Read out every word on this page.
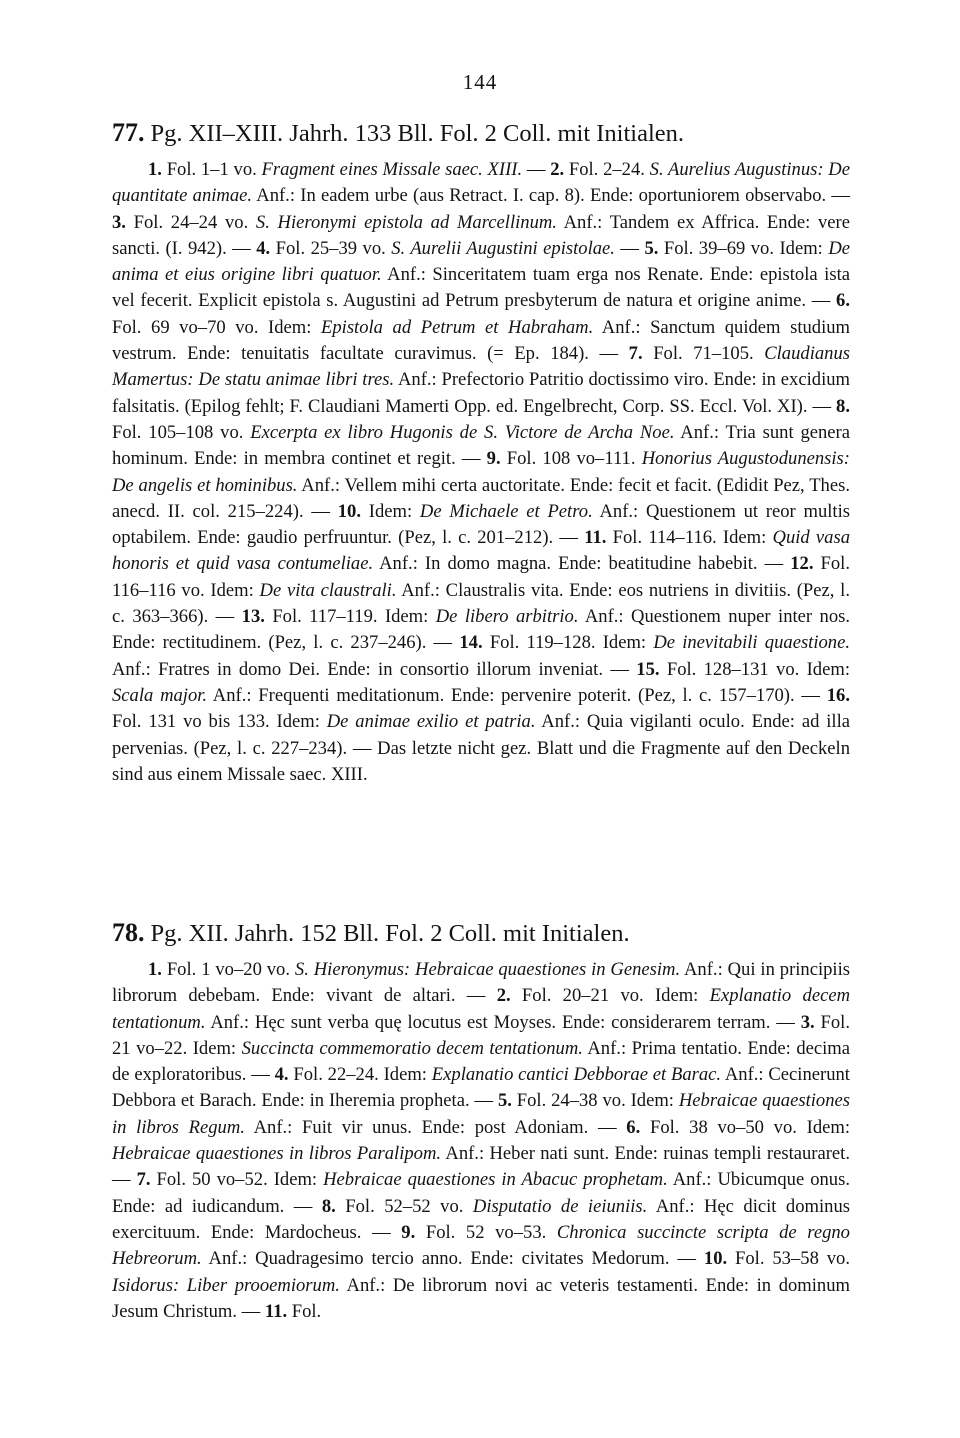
144
77. Pg. XII–XIII. Jahrh. 133 Bll. Fol. 2 Coll. mit Initialen.

1. Fol. 1–1 vo. Fragment eines Missale saec. XIII. — 2. Fol. 2–24. S. Aurelius Augustinus: De quantitate animae. Anf.: In eadem urbe (aus Retract. I. cap. 8). Ende: oportuniorem observabo. — 3. Fol. 24–24 vo. S. Hieronymi epistola ad Marcellinum. Anf.: Tandem ex Affrica. Ende: vere sancti. (I. 942). — 4. Fol. 25–39 vo. S. Aurelii Augustini epistolae. — 5. Fol. 39–69 vo. Idem: De anima et eius origine libri quatuor. Anf.: Sinceritatem tuam erga nos Renate. Ende: epistola ista vel fecerit. Explicit epistola s. Augustini ad Petrum presbyterum de natura et origine anime. — 6. Fol. 69 vo–70 vo. Idem: Epistola ad Petrum et Habraham. Anf.: Sanctum quidem studium vestrum. Ende: tenuitatis facultate curavimus. (= Ep. 184). — 7. Fol. 71–105. Claudianus Mamertus: De statu animae libri tres. Anf.: Prefectorio Patritio doctissimo viro. Ende: in excidium falsitatis. (Epilog fehlt; F. Claudiani Mamerti Opp. ed. Engelbrecht, Corp. SS. Eccl. Vol. XI). — 8. Fol. 105–108 vo. Excerpta ex libro Hugonis de S. Victore de Archa Noe. Anf.: Tria sunt genera hominum. Ende: in membra continet et regit. — 9. Fol. 108 vo–111. Honorius Augustodunensis: De angelis et hominibus. Anf.: Vellem mihi certa auctoritate. Ende: fecit et facit. (Edidit Pez, Thes. anecd. II. col. 215–224). — 10. Idem: De Michaele et Petro. Anf.: Questionem ut reor multis optabilem. Ende: gaudio perfruuntur. (Pez, l. c. 201–212). — 11. Fol. 114–116. Idem: Quid vasa honoris et quid vasa contumeliae. Anf.: In domo magna. Ende: beatitudine habebit. — 12. Fol. 116–116 vo. Idem: De vita claustrali. Anf.: Claustralis vita. Ende: eos nutriens in divitiis. (Pez, l. c. 363–366). — 13. Fol. 117–119. Idem: De libero arbitrio. Anf.: Questionem nuper inter nos. Ende: rectitudinem. (Pez, l. c. 237–246). — 14. Fol. 119–128. Idem: De inevitabili quaestione. Anf.: Fratres in domo Dei. Ende: in consortio illorum inveniat. — 15. Fol. 128–131 vo. Idem: Scala major. Anf.: Frequenti meditationum. Ende: pervenire poterit. (Pez, l. c. 157–170). — 16. Fol. 131 vo bis 133. Idem: De animae exilio et patria. Anf.: Quia vigilanti oculo. Ende: ad illa pervenias. (Pez, l. c. 227–234). — Das letzte nicht gez. Blatt und die Fragmente auf den Deckeln sind aus einem Missale saec. XIII.

78. Pg. XII. Jahrh. 152 Bll. Fol. 2 Coll. mit Initialen.

1. Fol. 1 vo–20 vo. S. Hieronymus: Hebraicae quaestiones in Genesim. Anf.: Qui in principiis librorum debebam. Ende: vivant de altari. — 2. Fol. 20–21 vo. Idem: Explanatio decem tentationum. Anf.: Hęc sunt verba quę locutus est Moyses. Ende: considerarem terram. — 3. Fol. 21 vo–22. Idem: Succincta commemoratio decem tentationum. Anf.: Prima tentatio. Ende: decima de exploratoribus. — 4. Fol. 22–24. Idem: Explanatio cantici Debborae et Barac. Anf.: Cecinerunt Debbora et Barach. Ende: in Iheremia propheta. — 5. Fol. 24–38 vo. Idem: Hebraicae quaestiones in libros Regum. Anf.: Fuit vir unus. Ende: post Adoniam. — 6. Fol. 38 vo–50 vo. Idem: Hebraicae quaestiones in libros Paralipom. Anf.: Heber nati sunt. Ende: ruinas templi restauraret. — 7. Fol. 50 vo–52. Idem: Hebraicae quaestiones in Abacuc prophetam. Anf.: Ubicumque onus. Ende: ad iudicandum. — 8. Fol. 52–52 vo. Disputatio de ieiuniis. Anf.: Hęc dicit dominus exercituum. Ende: Mardocheus. — 9. Fol. 52 vo–53. Chronica succincte scripta de regno Hebreorum. Anf.: Quadragesimo tercio anno. Ende: civitates Medorum. — 10. Fol. 53–58 vo. Isidorus: Liber prooemiorum. Anf.: De librorum novi ac veteris testamenti. Ende: in dominum Jesum Christum. — 11. Fol.
